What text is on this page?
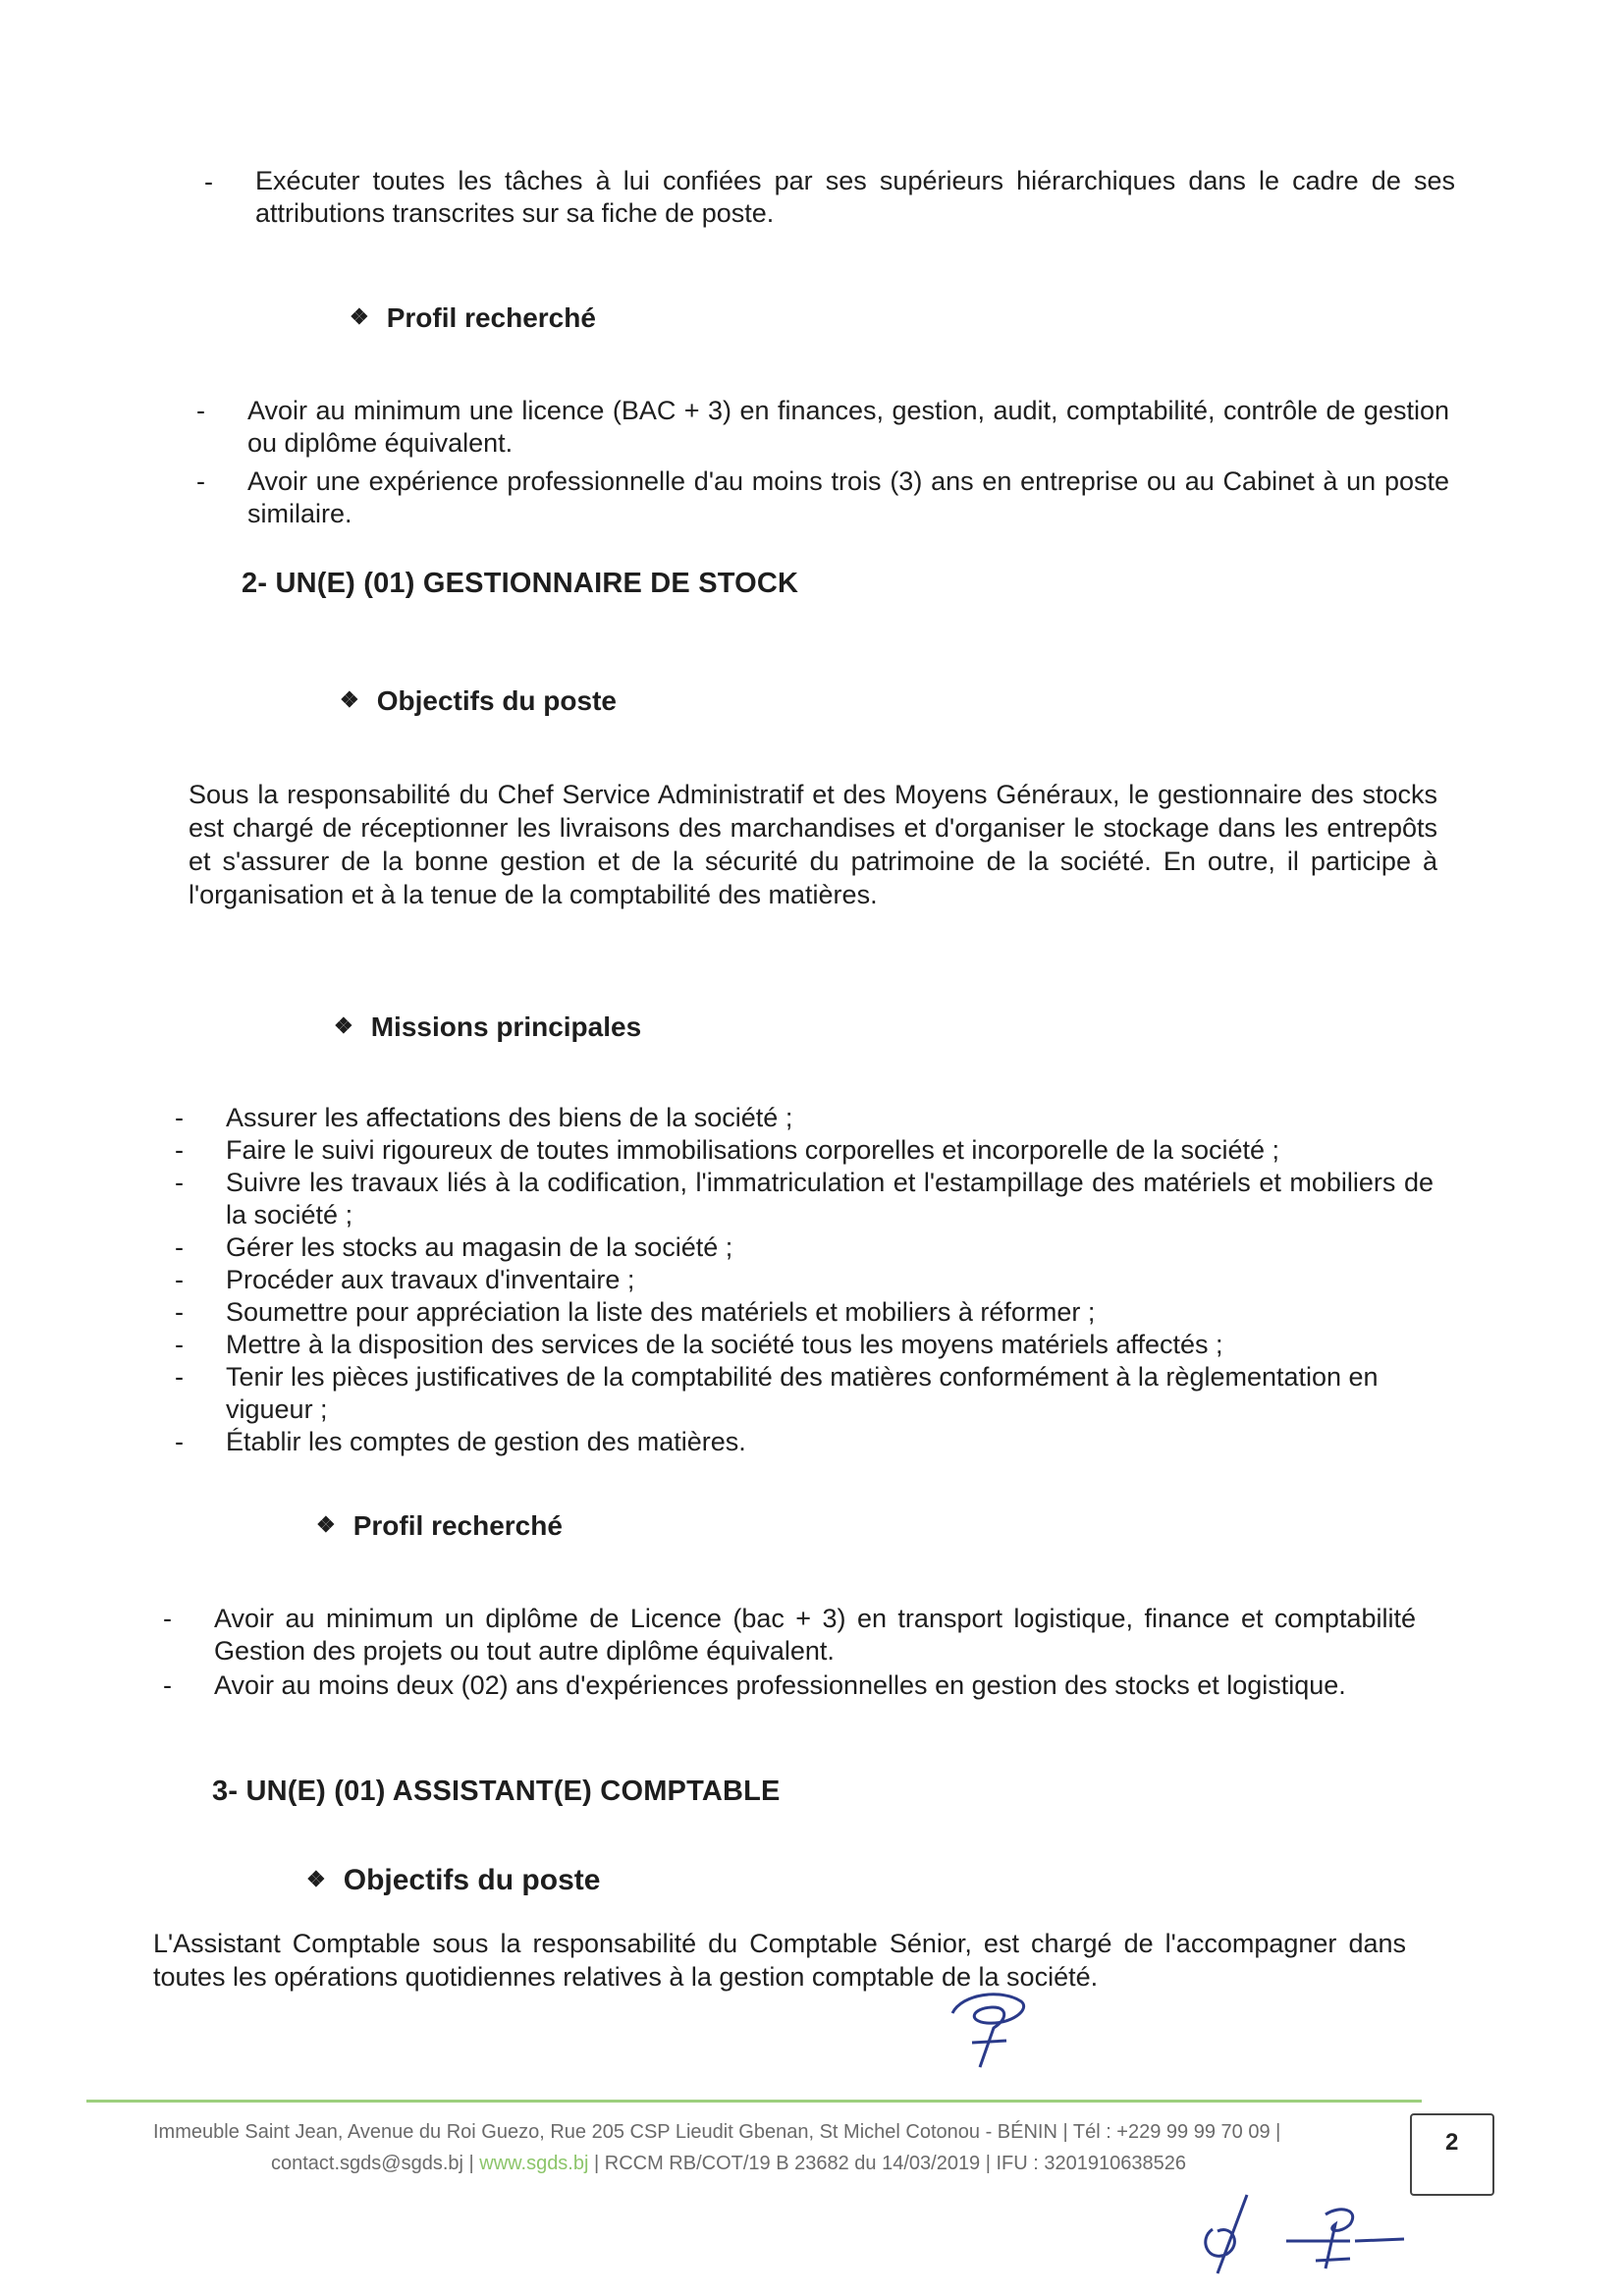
- Exécuter toutes les tâches à lui confiées par ses supérieurs hiérarchiques dans le cadre de ses attributions transcrites sur sa fiche de poste.
❖ Profil recherché
- Avoir au minimum une licence (BAC + 3) en finances, gestion, audit, comptabilité, contrôle de gestion ou diplôme équivalent.
- Avoir une expérience professionnelle d'au moins trois (3) ans en entreprise ou au Cabinet à un poste similaire.
2- UN(E) (01) GESTIONNAIRE DE STOCK
❖ Objectifs du poste
Sous la responsabilité du Chef Service Administratif et des Moyens Généraux, le gestionnaire des stocks est chargé de réceptionner les livraisons des marchandises et d'organiser le stockage dans les entrepôts et s'assurer de la bonne gestion et de la sécurité du patrimoine de la société. En outre, il participe à l'organisation et à la tenue de la comptabilité des matières.
❖ Missions principales
- Assurer les affectations des biens de la société ;
- Faire le suivi rigoureux de toutes immobilisations corporelles et incorporelle de la société ;
- Suivre les travaux liés à la codification, l'immatriculation et l'estampillage des matériels et mobiliers de la société ;
- Gérer les stocks au magasin de la société ;
- Procéder aux travaux d'inventaire ;
- Soumettre pour appréciation la liste des matériels et mobiliers à réformer ;
- Mettre à la disposition des services de la société tous les moyens matériels affectés ;
- Tenir les pièces justificatives de la comptabilité des matières conformément à la règlementation en vigueur ;
- Établir les comptes de gestion des matières.
❖ Profil recherché
- Avoir au minimum un diplôme de Licence (bac + 3) en transport logistique, finance et comptabilité Gestion des projets ou tout autre diplôme équivalent.
- Avoir au moins deux (02) ans d'expériences professionnelles en gestion des stocks et logistique.
3- UN(E) (01) ASSISTANT(E) COMPTABLE
❖ Objectifs du poste
L'Assistant Comptable sous la responsabilité du Comptable Sénior, est chargé de l'accompagner dans toutes les opérations quotidiennes relatives à la gestion comptable de la société.
Immeuble Saint Jean, Avenue du Roi Guezo, Rue 205 CSP Lieudit Gbenan, St Michel Cotonou - BÉNIN | Tél : +229 99 99 70 09 |
contact.sgds@sgds.bj | www.sgds.bj | RCCM RB/COT/19 B 23682 du 14/03/2019 | IFU : 3201910638526
2
